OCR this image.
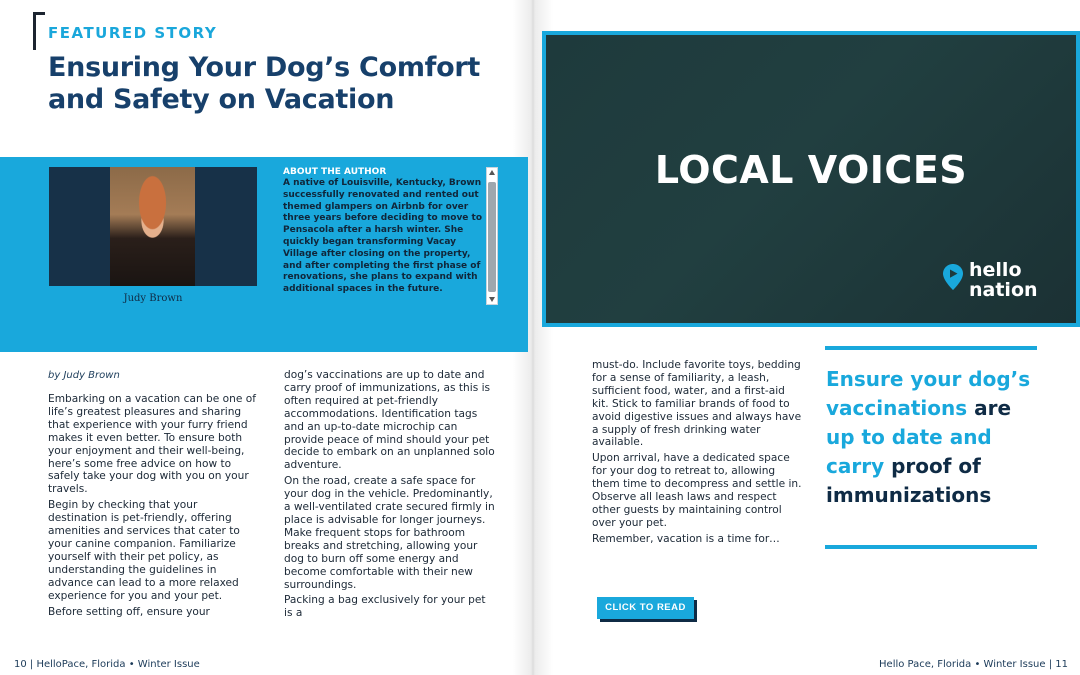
FEATURED STORY
Ensuring Your Dog’s Comfort and Safety on Vacation
Judy Brown
ABOUT THE AUTHOR
A native of Louisville, Kentucky, Brown successfully renovated and rented out themed glampers on Airbnb for over three years before deciding to move to Pensacola after a harsh winter. She quickly began transforming Vacay Village after closing on the property, and after completing the first phase of renovations, she plans to expand with additional spaces in the future.
by Judy Brown

Embarking on a vacation can be one of life’s greatest pleasures and sharing that experience with your furry friend makes it even better. To ensure both your enjoyment and their well-being, here’s some free advice on how to safely take your dog with you on your travels.

Begin by checking that your destination is pet-friendly, offering amenities and services that cater to your canine companion. Familiarize yourself with their pet policy, as understanding the guidelines in advance can lead to a more relaxed experience for you and your pet.

Before setting off, ensure your

dog’s vaccinations are up to date and carry proof of immunizations, as this is often required at pet-friendly accommodations. Identification tags and an up-to-date microchip can provide peace of mind should your pet decide to embark on an unplanned solo adventure.

On the road, create a safe space for your dog in the vehicle. Predominantly, a well-ventilated crate secured firmly in place is advisable for longer journeys. Make frequent stops for bathroom breaks and stretching, allowing your dog to burn off some energy and become comfortable with their new surroundings.

Packing a bag exclusively for your pet is a

10 | HelloPace, Florida • Winter Issue
LOCAL VOICES
hello
nation

must-do. Include favorite toys, bedding for a sense of familiarity, a leash, sufficient food, water, and a first-aid kit. Stick to familiar brands of food to avoid digestive issues and always have a supply of fresh drinking water available.

Upon arrival, have a dedicated space for your dog to retreat to, allowing them time to decompress and settle in. Observe all leash laws and respect other guests by maintaining control over your pet.

Remember, vacation is a time for…

CLICK TO READ
Ensure your dog’s vaccinations are up to date and carry proof of immunizations
Hello Pace, Florida • Winter Issue | 11
